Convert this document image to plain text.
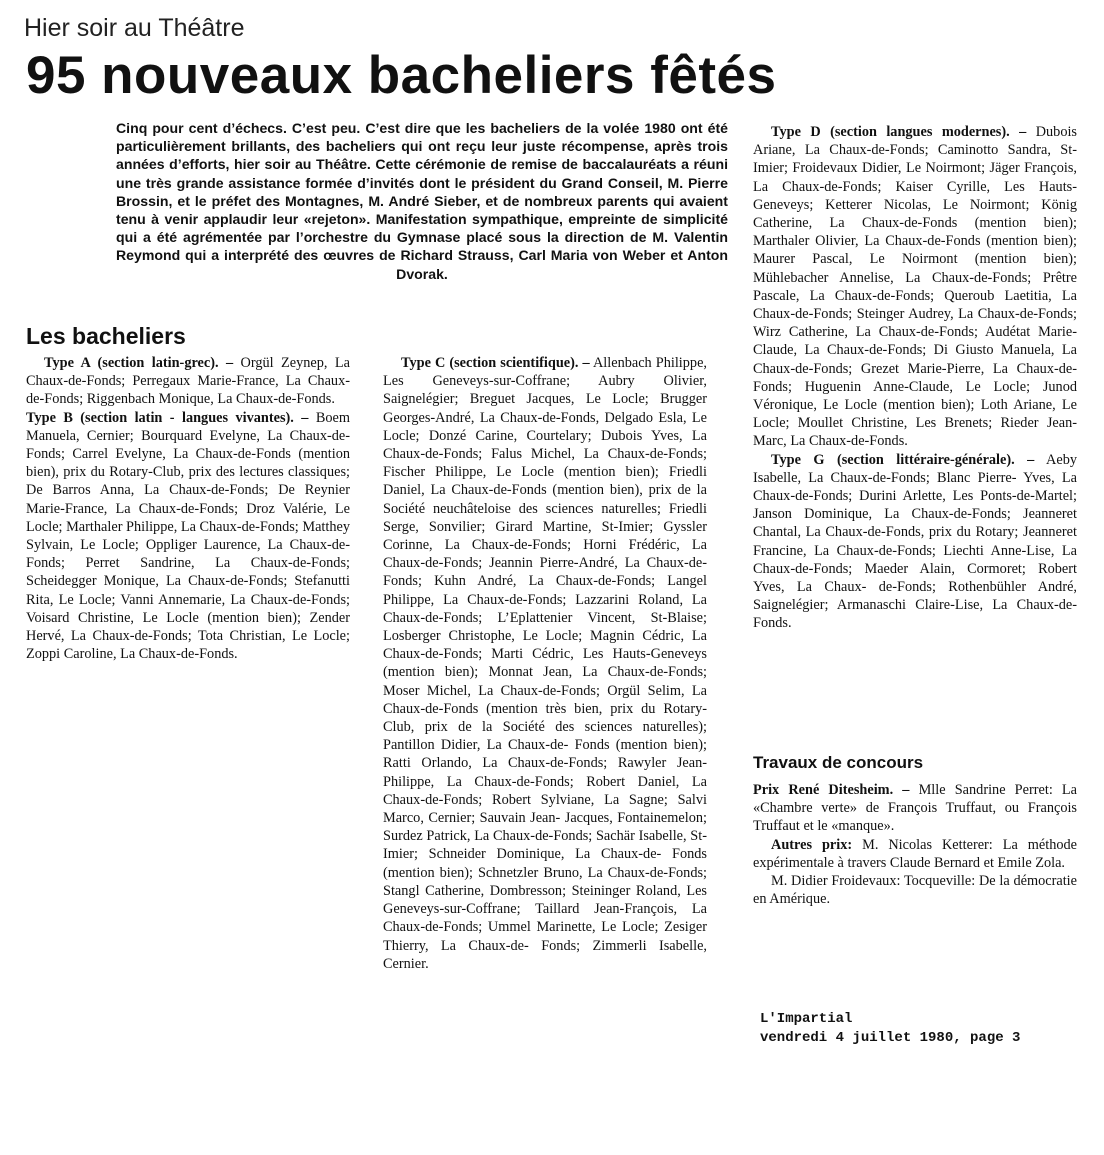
Hier soir au Théâtre
95 nouveaux bacheliers fêtés
Cinq pour cent d’échecs. C’est peu. C’est dire que les bacheliers de la volée 1980 ont été particulièrement brillants, des bacheliers qui ont reçu leur juste récompense, après trois années d’efforts, hier soir au Théâtre. Cette cérémonie de remise de baccalauréats a réuni une très grande assistance formée d’invités dont le président du Grand Conseil, M. Pierre Brossin, et le préfet des Montagnes, M. André Sieber, et de nombreux parents qui avaient tenu à venir applaudir leur «rejeton». Manifestation sympathique, empreinte de simplicité qui a été agrémentée par l’orchestre du Gymnase placé sous la direction de M. Valentin Reymond qui a interprété des œuvres de Richard Strauss, Carl Maria von Weber et Anton Dvorak.
Les bacheliers

Type A (section latin-grec). – Orgül Zeynep, La Chaux-de-Fonds; Perregaux Marie-France, La Chaux-de-Fonds; Riggenbach Monique, La Chaux-de-Fonds.

Type B (section latin - langues vivantes). – Boem Manuela, Cernier; Bourquard Evelyne, La Chaux-de-Fonds; Carrel Evelyne, La Chaux-de-Fonds (mention bien), prix du Rotary-Club, prix des lectures classiques; De Barros Anna, La Chaux-de-Fonds; De Reynier Marie-France, La Chaux-de-Fonds; Droz Valérie, Le Locle; Marthaler Philippe, La Chaux-de-Fonds; Matthey Sylvain, Le Locle; Oppliger Laurence, La Chaux-de-Fonds; Perret Sandrine, La Chaux-de-Fonds; Scheidegger Monique, La Chaux-de-Fonds; Stefanutti Rita, Le Locle; Vanni Annemarie, La Chaux-de-Fonds; Voisard Christine, Le Locle (mention bien); Zender Hervé, La Chaux-de-Fonds; Tota Christian, Le Locle; Zoppi Caroline, La Chaux-de-Fonds.

Type C (section scientifique). – Allenbach Philippe, Les Geneveys-sur-Coffrane; Aubry Olivier, Saignelégier; Breguet Jacques, Le Locle; Brugger Georges-André, La Chaux-de-Fonds, Delgado Esla, Le Locle; Donzé Carine, Courtelary; Dubois Yves, La Chaux-de-Fonds; Falus Michel, La Chaux-de-Fonds; Fischer Philippe, Le Locle (mention bien); Friedli Daniel, La Chaux-de-Fonds (mention bien), prix de la Société neuchâteloise des sciences naturelles; Friedli Serge, Sonvilier; Girard Martine, St-Imier; Gyssler Corinne, La Chaux-de-Fonds; Horni Frédéric, La Chaux-de-Fonds; Jeannin Pierre-André, La Chaux-de-Fonds; Kuhn André, La Chaux-de-Fonds; Langel Philippe, La Chaux-de-Fonds; Lazzarini Roland, La Chaux-de-Fonds; L’Eplattenier Vincent, St-Blaise; Losberger Christophe, Le Locle; Magnin Cédric, La Chaux-de-Fonds; Marti Cédric, Les Hauts-Geneveys (mention bien); Monnat Jean, La Chaux-de-Fonds; Moser Michel, La Chaux-de-Fonds; Orgül Selim, La Chaux-de-Fonds (mention très bien, prix du Rotary-Club, prix de la Société des sciences naturelles); Pantillon Didier, La Chaux-de- Fonds (mention bien); Ratti Orlando, La Chaux-de-Fonds; Rawyler Jean-Philippe, La Chaux-de-Fonds; Robert Daniel, La Chaux-de-Fonds; Robert Sylviane, La Sagne; Salvi Marco, Cernier; Sauvain Jean- Jacques, Fontainemelon; Surdez Patrick, La Chaux-de-Fonds; Sachär Isabelle, St- Imier; Schneider Dominique, La Chaux-de- Fonds (mention bien); Schnetzler Bruno, La Chaux-de-Fonds; Stangl Catherine, Dombresson; Steininger Roland, Les Geneveys-sur-Coffrane; Taillard Jean-François, La Chaux-de-Fonds; Ummel Marinette, Le Locle; Zesiger Thierry, La Chaux-de- Fonds; Zimmerli Isabelle, Cernier.

Type D (section langues modernes). – Dubois Ariane, La Chaux-de-Fonds; Caminotto Sandra, St-Imier; Froidevaux Didier, Le Noirmont; Jäger François, La Chaux-de-Fonds; Kaiser Cyrille, Les Hauts-Geneveys; Ketterer Nicolas, Le Noirmont; König Catherine, La Chaux-de-Fonds (mention bien); Marthaler Olivier, La Chaux-de-Fonds (mention bien); Maurer Pascal, Le Noirmont (mention bien); Mühlebacher Annelise, La Chaux-de-Fonds; Prêtre Pascale, La Chaux-de-Fonds; Queroub Laetitia, La Chaux-de-Fonds; Steinger Audrey, La Chaux-de-Fonds; Wirz Catherine, La Chaux-de-Fonds; Audétat Marie-Claude, La Chaux-de-Fonds; Di Giusto Manuela, La Chaux-de-Fonds; Grezet Marie-Pierre, La Chaux-de-Fonds; Huguenin Anne-Claude, Le Locle; Junod Véronique, Le Locle (mention bien); Loth Ariane, Le Locle; Moullet Christine, Les Brenets; Rieder Jean-Marc, La Chaux-de-Fonds.

Type G (section littéraire-générale). – Aeby Isabelle, La Chaux-de-Fonds; Blanc Pierre- Yves, La Chaux-de-Fonds; Durini Arlette, Les Ponts-de-Martel; Janson Dominique, La Chaux-de-Fonds; Jeanneret Chantal, La Chaux-de-Fonds, prix du Rotary; Jeanneret Francine, La Chaux-de-Fonds; Liechti Anne-Lise, La Chaux-de-Fonds; Maeder Alain, Cormoret; Robert Yves, La Chaux- de-Fonds; Rothenbühler André, Saignelégier; Armanaschi Claire-Lise, La Chaux-de- Fonds.

Travaux de concours

Prix René Ditesheim. – Mlle Sandrine Perret: La «Chambre verte» de François Truffaut, ou François Truffaut et le «manque».

Autres prix: M. Nicolas Ketterer: La méthode expérimentale à travers Claude Bernard et Emile Zola.

M. Didier Froidevaux: Tocqueville: De la démocratie en Amérique.

L'Impartial
vendredi 4 juillet 1980, page 3
